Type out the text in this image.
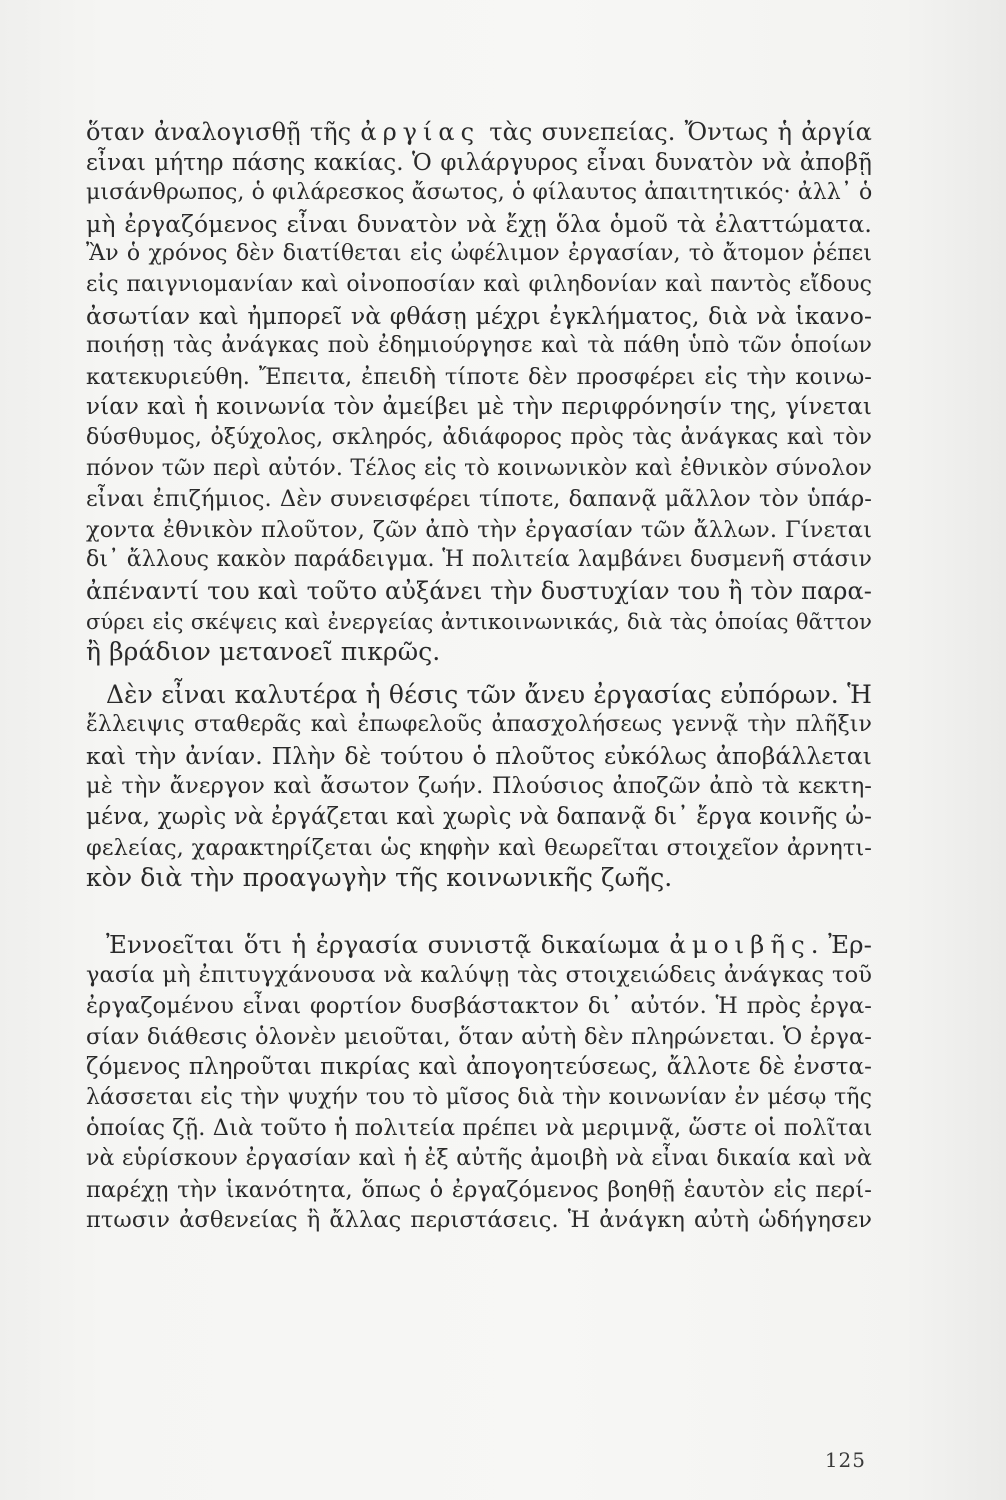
ὅταν ἀναλογισθῇ τῆς ἀργίας τὰς συνεπείας. Ὄντως ἡ ἀργία
εἶναι μήτηρ πάσης κακίας. Ὁ φιλάργυρος εἶναι δυνατὸν νὰ ἀποβῇ
μισάνθρωπος, ὁ φιλάρεσκος ἄσωτος, ὁ φίλαυτος ἀπαιτητικός· ἀλλ᾽ ὁ
μὴ ἐργαζόμενος εἶναι δυνατὸν νὰ ἔχῃ ὅλα ὁμοῦ τὰ ἐλαττώματα.
Ἂν ὁ χρόνος δὲν διατίθεται εἰς ὠφέλιμον ἐργασίαν, τὸ ἄτομον ῥέπει
εἰς παιγνιομανίαν καὶ οἰνοποσίαν καὶ φιληδονίαν καὶ παντὸς εἴδους
ἀσωτίαν καὶ ἠμπορεῖ νὰ φθάσῃ μέχρι ἐγκλήματος, διὰ νὰ ἱκανο-
ποιήσῃ τὰς ἀνάγκας ποὺ ἐδημιούργησε καὶ τὰ πάθη ὑπὸ τῶν ὁποίων
κατεκυριεύθη. Ἔπειτα, ἐπειδὴ τίποτε δὲν προσφέρει εἰς τὴν κοινω-
νίαν καὶ ἡ κοινωνία τὸν ἀμείβει μὲ τὴν περιφρόνησίν της, γίνεται
δύσθυμος, ὀξύχολος, σκληρός, ἀδιάφορος πρὸς τὰς ἀνάγκας καὶ τὸν
πόνον τῶν περὶ αὐτόν. Τέλος εἰς τὸ κοινωνικὸν καὶ ἐθνικὸν σύνολον
εἶναι ἐπιζήμιος. Δὲν συνεισφέρει τίποτε, δαπανᾷ μᾶλλον τὸν ὑπάρ-
χοντα ἐθνικὸν πλοῦτον, ζῶν ἀπὸ τὴν ἐργασίαν τῶν ἄλλων. Γίνεται
δι᾽ ἄλλους κακὸν παράδειγμα. Ἡ πολιτεία λαμβάνει δυσμενῆ στάσιν
ἀπέναντί του καὶ τοῦτο αὐξάνει τὴν δυστυχίαν του ἢ τὸν παρα-
σύρει εἰς σκέψεις καὶ ἐνεργείας ἀντικοινωνικάς, διὰ τὰς ὁποίας θᾶττον
ἢ βράδιον μετανοεῖ πικρῶς.
Δὲν εἶναι καλυτέρα ἡ θέσις τῶν ἄνευ ἐργασίας εὐπόρων. Ἡ
ἔλλειψις σταθερᾶς καὶ ἐπωφελοῦς ἀπασχολήσεως γεννᾷ τὴν πλῆξιν
καὶ τὴν ἀνίαν. Πλὴν δὲ τούτου ὁ πλοῦτος εὐκόλως ἀποβάλλεται
μὲ τὴν ἄνεργον καὶ ἄσωτον ζωήν. Πλούσιος ἀποζῶν ἀπὸ τὰ κεκτη-
μένα, χωρὶς νὰ ἐργάζεται καὶ χωρὶς νὰ δαπανᾷ δι᾽ ἔργα κοινῆς ὠ-
φελείας, χαρακτηρίζεται ὡς κηφὴν καὶ θεωρεῖται στοιχεῖον ἀρνητι-
κὸν διὰ τὴν προαγωγὴν τῆς κοινωνικῆς ζωῆς.
Ἐννοεῖται ὅτι ἡ ἐργασία συνιστᾷ δικαίωμα ἀμοιβῆς. Ἐρ-
γασία μὴ ἐπιτυγχάνουσα νὰ καλύψῃ τὰς στοιχειώδεις ἀνάγκας τοῦ
ἐργαζομένου εἶναι φορτίον δυσβάστακτον δι᾽ αὐτόν. Ἡ πρὸς ἐργα-
σίαν διάθεσις ὁλονὲν μειοῦται, ὅταν αὐτὴ δὲν πληρώνεται. Ὁ ἐργα-
ζόμενος πληροῦται πικρίας καὶ ἀπογοητεύσεως, ἄλλοτε δὲ ἐνστα-
λάσσεται εἰς τὴν ψυχήν του τὸ μῖσος διὰ τὴν κοινωνίαν ἐν μέσῳ τῆς
ὁποίας ζῇ. Διὰ τοῦτο ἡ πολιτεία πρέπει νὰ μεριμνᾷ, ὥστε οἱ πολῖται
νὰ εὑρίσκουν ἐργασίαν καὶ ἡ ἐξ αὐτῆς ἀμοιβὴ νὰ εἶναι δικαία καὶ νὰ
παρέχῃ τὴν ἱκανότητα, ὅπως ὁ ἐργαζόμενος βοηθῇ ἑαυτὸν εἰς περί-
πτωσιν ἀσθενείας ἢ ἄλλας περιστάσεις. Ἡ ἀνάγκη αὐτὴ ὡδήγησεν
125
